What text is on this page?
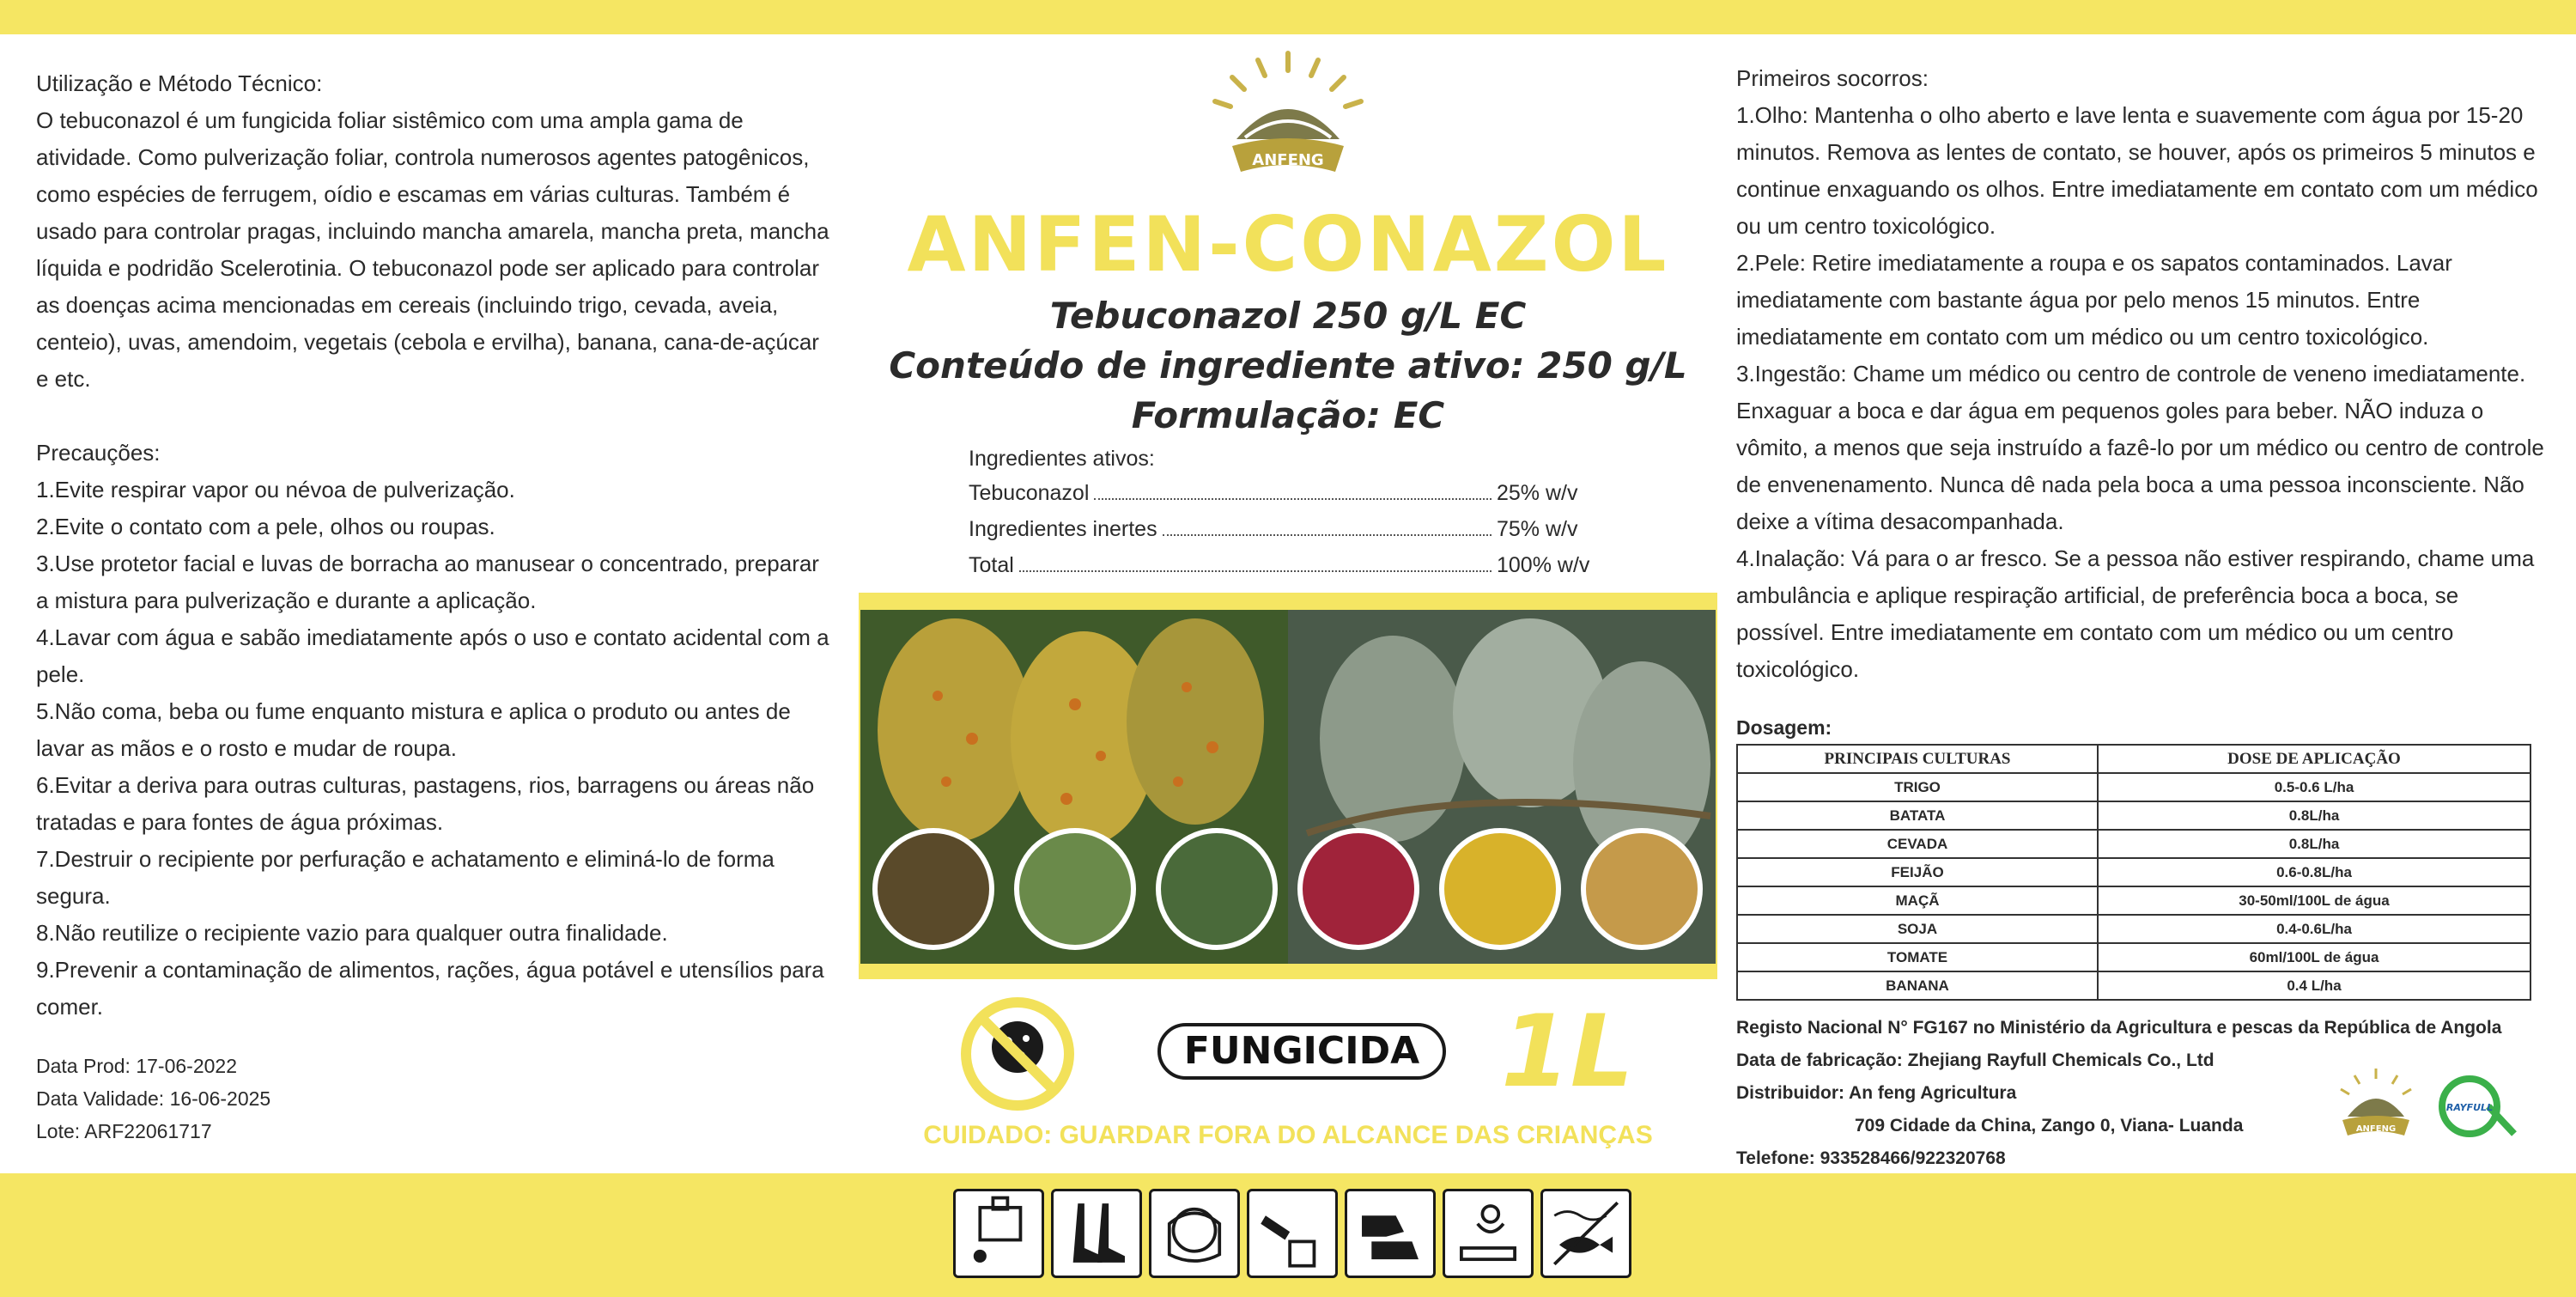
Utilização e Método Técnico:

O tebuconazol é um fungicida foliar sistêmico com uma ampla gama de atividade. Como pulverização foliar, controla numerosos agentes patogênicos, como espécies de ferrugem, oídio e escamas em várias culturas. Também é usado para controlar pragas, incluindo mancha amarela, mancha preta, mancha líquida e podridão Scelerotinia. O tebuconazol pode ser aplicado para controlar as doenças acima mencionadas em cereais (incluindo trigo, cevada, aveia, centeio), uvas, amendoim, vegetais (cebola e ervilha), banana, cana-de-açúcar e etc.

Precauções:

1.Evite respirar vapor ou névoa de pulverização.

2.Evite o contato com a pele, olhos ou roupas.

3.Use protetor facial e luvas de borracha ao manusear o concentrado, preparar a mistura para pulverização e durante a aplicação.

4.Lavar com água e sabão imediatamente após o uso e contato acidental com a pele.

5.Não coma, beba ou fume enquanto mistura e aplica o produto ou antes de lavar as mãos e o rosto e mudar de roupa.

6.Evitar a deriva para outras culturas, pastagens, rios, barragens ou áreas não tratadas e para fontes de água próximas.

7.Destruir o recipiente por perfuração e achatamento e eliminá-lo de forma segura.

8.Não reutilize o recipiente vazio para qualquer outra finalidade.

9.Prevenir a contaminação de alimentos, rações, água potável e utensílios para comer.

Data Prod: 17-06-2022
Data Validade: 16-06-2025
Lote: ARF22061717
ANFENG
ANFEN-CONAZOL
Tebuconazol 250 g/L EC
Conteúdo de ingrediente ativo: 250 g/L
Formulação: EC
Ingredientes ativos:
Tebuconazol	25% w/v
Ingredientes inertes	75% w/v
Total	100% w/v
FUNGICIDA 1L
CUIDADO: GUARDAR FORA DO ALCANCE DAS CRIANÇAS

Primeiros socorros:

1.Olho: Mantenha o olho aberto e lave lenta e suavemente com água por 15-20 minutos. Remova as lentes de contato, se houver, após os primeiros 5 minutos e continue enxaguando os olhos. Entre imediatamente em contato com um médico ou um centro toxicológico.

2.Pele: Retire imediatamente a roupa e os sapatos contaminados. Lavar imediatamente com bastante água por pelo menos 15 minutos. Entre imediatamente em contato com um médico ou um centro toxicológico.

3.Ingestão: Chame um médico ou centro de controle de veneno imediatamente. Enxaguar a boca e dar água em pequenos goles para beber. NÃO induza o vômito, a menos que seja instruído a fazê-lo por um médico ou centro de controle de envenenamento. Nunca dê nada pela boca a uma pessoa inconsciente. Não deixe a vítima desacompanhada.

4.Inalação: Vá para o ar fresco. Se a pessoa não estiver respirando, chame uma ambulância e aplique respiração artificial, de preferência boca a boca, se possível. Entre imediatamente em contato com um médico ou um centro toxicológico.

Dosagem:
PRINCIPAIS CULTURAS	DOSE DE APLICAÇÃO
TRIGO	0.5-0.6 L/ha
BATATA	0.8L/ha
CEVADA	0.8L/ha
FEIJÃO	0.6-0.8L/ha
MAÇÃ	30-50ml/100L de água
SOJA	0.4-0.6L/ha
TOMATE	60ml/100L de água
BANANA	0.4 L/ha
Registo Nacional N° FG167 no Ministério da Agricultura e pescas da República de Angola
Data de fabricação: Zhejiang Rayfull Chemicals Co., Ltd
Distribuidor: An feng Agricultura
709 Cidade da China, Zango 0, Viana- Luanda
Telefone: 933528466/922320768
ANFENG
RAYFULL
